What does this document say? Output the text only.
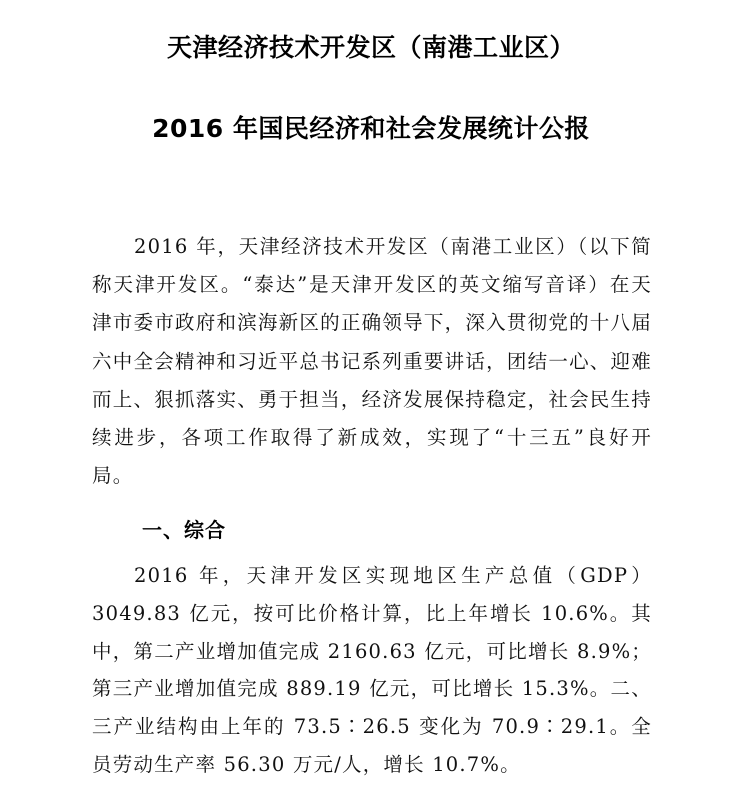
天津经济技术开发区（南港工业区）
2016 年国民经济和社会发展统计公报
2016 年，天津经济技术开发区（南港工业区）（以下简称天津开发区。“泰达”是天津开发区的英文缩写音译）在天津市委市政府和滨海新区的正确领导下，深入贯彻党的十八届六中全会精神和习近平总书记系列重要讲话，团结一心、迎难而上、狠抓落实、勇于担当，经济发展保持稳定，社会民生持续进步，各项工作取得了新成效，实现了“十三五”良好开局。
一、综合
2016 年，天津开发区实现地区生产总值（GDP）3049.83 亿元，按可比价格计算，比上年增长 10.6%。其中，第二产业增加值完成 2160.63 亿元，可比增长 8.9%；第三产业增加值完成 889.19 亿元，可比增长 15.3%。二、三产业结构由上年的 73.5∶26.5 变化为 70.9∶29.1。全员劳动生产率 56.30 万元/人，增长 10.7%。
